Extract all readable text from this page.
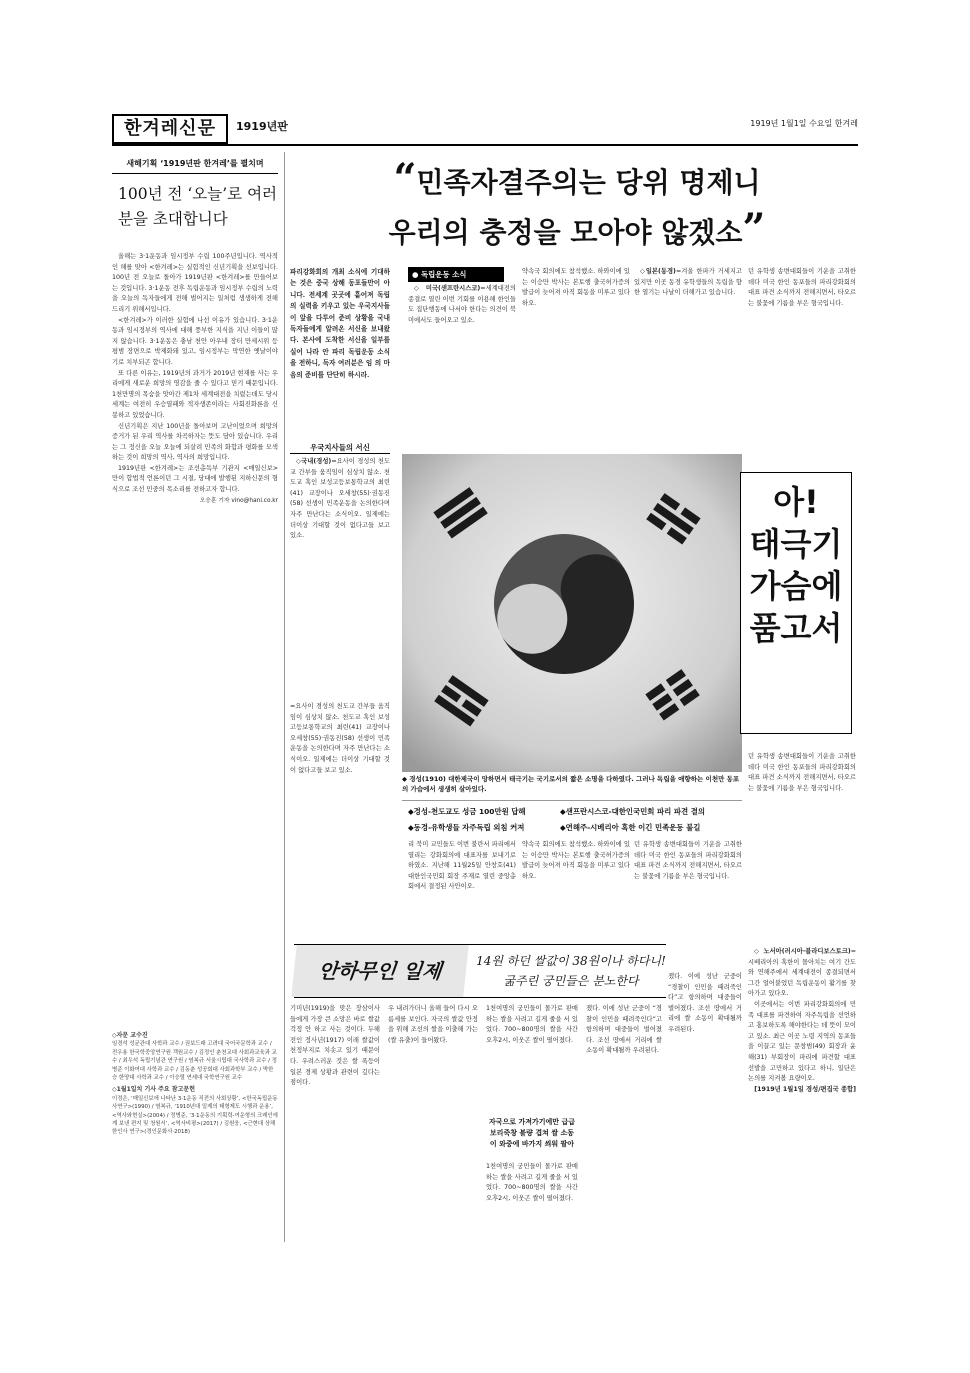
한겨레신문	1919년판	1919년 1월1일 수요일 한겨레
새해기획 ‘1919년판 한겨레’를 펼치며
100년 전 ‘오늘’로 여러분을 초대합니다

올해는 3·1운동과 임시정부 수립 100주년입니다. 역사적인 해를 맞아 <한겨레>는 실험적인 신년기획을 선보입니다. 100년 전 오늘로 돌아가 1919년판 <한겨레>를 만들어보는 것입니다. 3·1운동 전후 독립운동과 임시정부 수립의 노력을 오늘의 독자들에게 전해 벌어지는 일처럼 생생하게 전해드리기 위해서입니다.

<한겨레>가 이러한 실험에 나선 이유가 있습니다. 3·1운동과 임시정부의 역사에 대해 풍부한 지식을 지닌 이들이 많지 않습니다. 3·1운동은 충남 천안 아우내 장터 만세시위 등 평범 장면으로 박제화돼 있고, 임시정부는 막연한 옛날이야기로 치부되곤 합니다.

또 다른 이유는, 1919년의 과거가 2019년 현재를 사는 우리에게 새로운 희망의 영감을 줄 수 있다고 믿기 때문입니다. 1천만명의 목숨을 앗아간 제1차 세계대전을 치렀는데도 당시 세계는 여전히 우승열패와 적자생존이라는 사회진화론을 신봉하고 있었습니다.

신년기획은 지난 100년을 돌아보며 고난이었으며 희망의 증거가 된 우리 역사를 차곡하자는 뜻도 담아 있습니다. 우리는 그 정신을 오늘 오늘에 되살려 민족의 화합과 평화를 모색하는 것이 희망의 역사, 역사의 희망입니다.

1919년판 <한겨레>는 조선총독부 기관지 <매일신보>만이 합법적 언론이던 그 시절, 당대에 발행된 지하신문의 형식으로 조선 민중의 목소리를 전하고자 합니다.

오승훈 기자 vino@hani.co.kr

◇자문 교수진
임경석 성균관대 사학과 교수 / 권보드래 고려대 국어국문학과 교수 / 전우용 한국학중앙연구원 객원교수 / 김정인 춘천교대 사회과교육과 교수 / 최우석 독립기념관 연구원 / 염복규 서울시립대 국사학과 교수 / 정병준 이화여대 사학과 교수 / 김동춘 성공회대 사회과학부 교수 / 박한승 한양대 사학과 교수 / 이승렬 연세대 국학연구원 교수
◇1월1일치 기사 주요 참고문헌
이정은, ‘매일신보에 나타난 3·1운동 직전의 사회상황’, <한국독립운동사연구>(1990) / 염복규, ‘1910년대 일제의 태형제도 시행과 운용’, <역사와현실>(2004) / 정병준, ‘3·1운동의 기획력-여운형의 크레인에게 보낸 편지 및 청원서’, <역사비평>(2017) / 김원웅, <근현대 상해 한인사 연구>(경인문화사·2018)
“민족자결주의는 당위 명제니
우리의 충정을 모아야 않겠소”
파리강화회의 개최 소식에 기대하는 것은 중국 상해 동포들만이 아니다. 전세계 곳곳에 흩어져 독립의 실력을 키우고 있는 우국지사들이 앞을 다투어 준비 상황을 국내 독자들에게 알려온 서신을 보내왔다. 본사에 도착한 서신을 일부를 실어 나라 안 파리 독립운동 소식을 전하니, 독자 여러분은 임 의 마음의 준비를 단단히 하시라.
우국지사들의 서신

◇국내(경성)=요사이 경성의 천도교 간부들 움직임이 심상치 않소. 천도교 혹인 보성고등보통학교의 최린(41) 교장이나 오세창(55)·권동진(58) 선생이 민족운동을 논의한다며 자주 만난다는 소식이오. 일제에는 더이상 기대할 것이 없다고들 보고 있소.

● 독립운동 소식

◇미국(샌프란시스코)=세계대전의 종결로 열린 이번 기회를 이용해 한인들도 집단행동에 나서야 한다는 의견이 북미에서도 들어오고 있소.

약속국 회의에도 참석했소. 하와이에 있는 이승만 박사는 본토행 출국허가증의 발급이 늦어져 아직 회동을 미루고 있다 하오.

◇일본(동경)=겨울 한파가 거세지고 있지만 이곳 동경 유학생들의 독립을 향한 열기는 나날이 더해가고 있습니다.

던 유학생 송변대회들이 기운을 고취한데다 미국 한인 동포들의 파리강화회의 대표 파견 소식까지 전해지면서, 타오르는 불꽃에 기름을 부은 형국입니다.
아!
태극기
가슴에
품고서
◆ 경성(1910) 대한제국이 망하면서 태극기는 국기로서의 짧은 소명을 다하였다. 그러나 독립을 애향하는 이천만 동포의 가슴에서 생생히 살아있다.
◆경성-천도교도 성금 100만원 답해
◆동경-유학생들 자주독립 외침 커져
◆샌프란시스코-대한인국민회 파리 파견 결의
◆연해주-시베리아 혹한 이긴 민족운동 불길
=요사이 경성의 천도교 간부들 움직임이 심상치 않소. 천도교 혹인 보성고등보통학교의 최린(41) 교장이나 오세창(55)·권동진(58) 선생이 민족운동을 논의한다며 자주 만난다는 소식이오. 일제에는 더이상 기대할 것이 없다고들 보고 있소.
리 북미 교민들도 이번 불란서 파리에서 열리는 강화회의에 대표자를 보내기로 하였소. 지난해 11월25일 안창호(41) 대한인국민회 회장 주재로 열린 중앙총회에서 결정된 사안이오.
약속국 회의에도 참석했소. 하와이에 있는 이승만 박사는 본토행 출국허가증의 발급이 늦어져 아직 회동을 미루고 있다 하오.
던 유학생 송변대회들이 기운을 고취한데다 미국 한인 동포들의 파리강화회의 대표 파견 소식까지 전해지면서, 타오르는 불꽃에 기름을 부은 형국입니다.
던 유학생 송변대회들이 기운을 고취한데다 미국 한인 동포들의 파리강화회의 대표 파견 소식까지 전해지면서, 타오르는 불꽃에 기름을 부은 형국입니다.

◇노서아(러시아·블라디보스토크)=시베리아의 혹한이 몰아치는 여기 간도와 연해주에서 세계대전이 종결되면서 그간 얼어붙었던 독립운동이 활기를 찾아가고 있다오.

이곳에서는 이번 파리강화회의에 민족 대표를 파견하여 자주독립을 선언하고 홍보하도록 해야한다는 데 뜻이 모이고 있소. 최근 이곳 노령 지역의 동포들을 이끌고 있는 문창범(49) 회장과 윤해(31) 부회장이 파리에 파견할 대표 선발을 고민하고 있다고 하니, 일단은 논의를 지켜볼 요량이오.

[1919년 1월1일 경성/편집국 종합]

안하무인 일제	14원 하던 쌀값이 38원이나 하다니! 굶주린 궁민들은 분노한다
기미년(1919)을 맞은 장삼이사들에게 가장 큰 소망은 바로 쌀값 걱정 안 하고 사는 것이다. 두해 전인 정사년(1917) 이래 쌀값이 천정부지로 치솟고 있기 때문이다. 우려스러운 것은 쌀 폭등이 일본 경제 상황과 관련이 깊다는 점이다.
우 내려가더니 올해 들어 다시 오름세를 보인다. 자국의 쌀값 안정을 위해 조선의 쌀을 이출해 가는(쌀 유출)이 들어왔다.
1천여명의 궁민들이 몰가로 판매하는 쌀을 사려고 길게 줄을 서 있었다. 700~800명의 쌀을 사간 오후2시, 이웃곤 쌀이 떨어졌다.
자국으로 가져가기에만 급급 보리죽창 불량 겹쳐 쌀 소동 이 와중에 바가지 씌워 팔아
1천여명의 궁민들이 몰가로 판매하는 쌀을 사려고 길게 줄을 서 있었다. 700~800명의 쌀을 사간 오후2시, 이웃곤 쌀이 떨어졌다.
쟀다. 이에 성난 군중이 “경찰이 인민을 때려죽인다”고 항의하며 대중들이 벌어졌다. 조선 땅에서 거리에 쌀 소동이 확대될까 우려된다.
쟀다. 이에 성난 군중이 “경찰이 인민을 때려죽인다”고 항의하며 대중들이 벌어졌다. 조선 땅에서 거리에 쌀 소동이 확대될까 우려된다.
